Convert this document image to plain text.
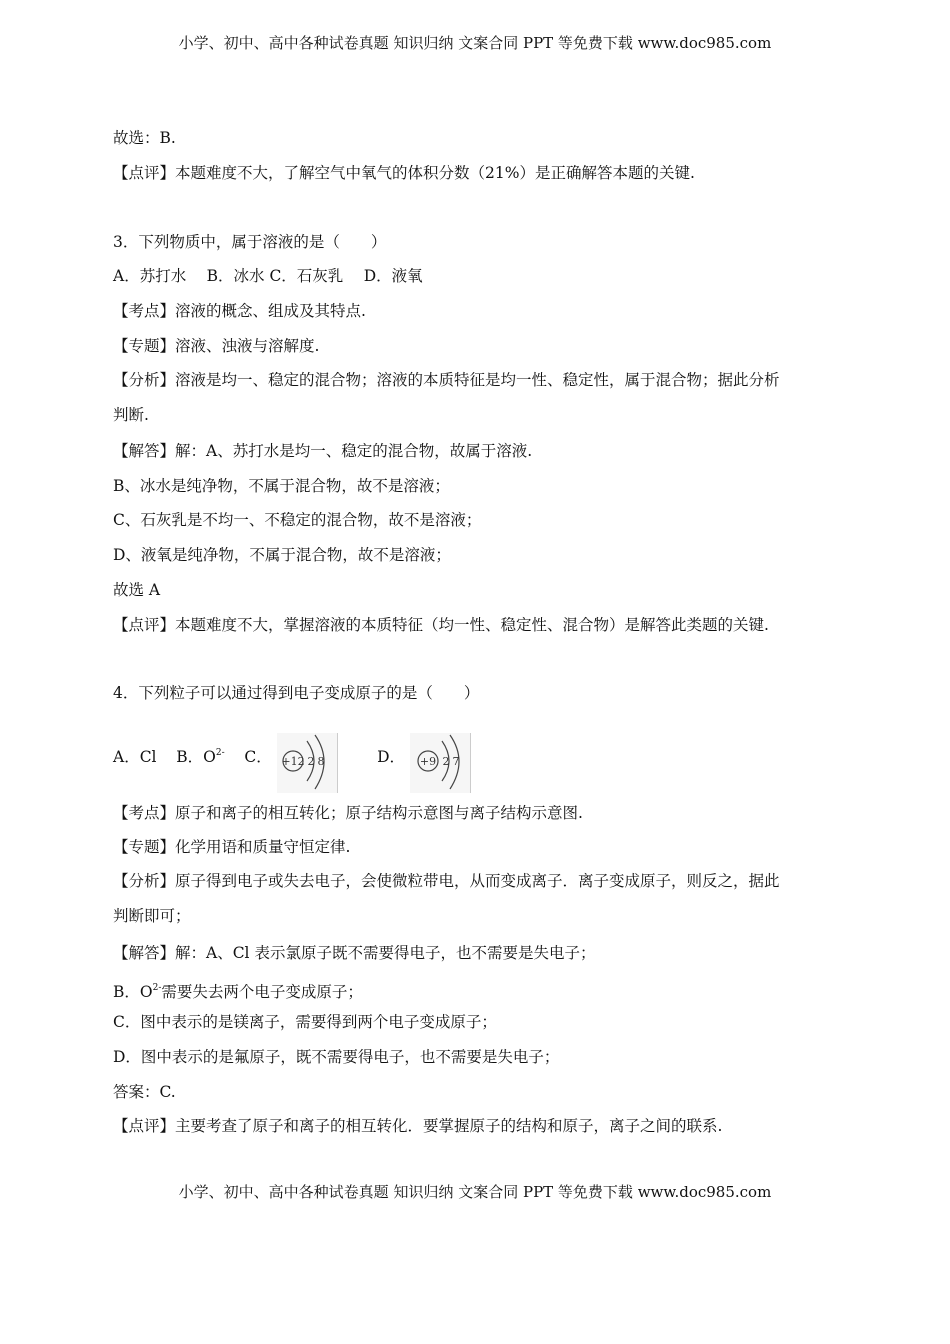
小学、初中、高中各种试卷真题 知识归纳 文案合同 PPT 等免费下载 www.doc985.com
故选：B.
【点评】本题难度不大，了解空气中氧气的体积分数（21%）是正确解答本题的关键.
3．下列物质中，属于溶液的是（　　）
A．苏打水　 B．冰水 C．石灰乳　 D．液氧
【考点】溶液的概念、组成及其特点.
【专题】溶液、浊液与溶解度.
【分析】溶液是均一、稳定的混合物；溶液的本质特征是均一性、稳定性，属于混合物；据此分析
判断.
【解答】解：A、苏打水是均一、稳定的混合物，故属于溶液.
B、冰水是纯净物，不属于混合物，故不是溶液；
C、石灰乳是不均一、不稳定的混合物，故不是溶液；
D、液氧是纯净物，不属于混合物，故不是溶液；
故选 A
【点评】本题难度不大，掌握溶液的本质特征（均一性、稳定性、混合物）是解答此类题的关键.
4．下列粒子可以通过得到电子变成原子的是（　　）
A．Cl B．$O^{2-}$ C． +12 2 8	D． +9 2 7
【考点】原子和离子的相互转化；原子结构示意图与离子结构示意图.
【专题】化学用语和质量守恒定律.
【分析】原子得到电子或失去电子，会使微粒带电，从而变成离子．离子变成原子，则反之，据此
判断即可；
【解答】解：A、Cl 表示氯原子既不需要得电子，也不需要是失电子；
B．$O^{2-}$需要失去两个电子变成原子；
C．图中表示的是镁离子，需要得到两个电子变成原子；
D．图中表示的是氟原子，既不需要得电子，也不需要是失电子；
答案：C.
【点评】主要考查了原子和离子的相互转化．要掌握原子的结构和原子，离子之间的联系.
小学、初中、高中各种试卷真题 知识归纳 文案合同 PPT 等免费下载 www.doc985.com
